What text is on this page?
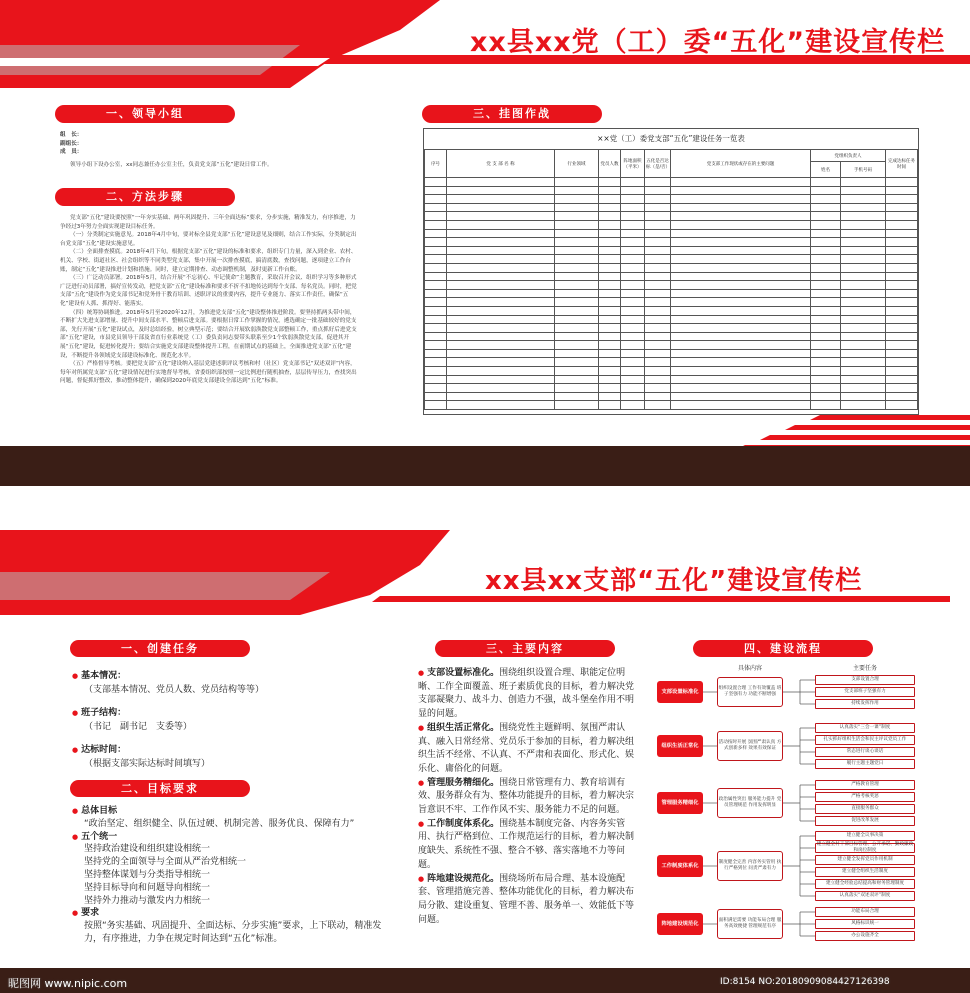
xx县xx党（工）委“五化”建设宣传栏
一、领导小组
组　长：
副组长：
成　员：
领导小组下设办公室，xx同志兼任办公室主任，负责党支部“五化”建设日常工作。
二、方法步骤

党支部“五化”建设要按照“一年夯实基础、两年巩固提升、三年全面达标”要求，分步实施，精准发力，有序推进，力争经过3年努力全面实现建设目标任务。

（一）分类制定实施意见。2018年4月中旬，要对标全县党支部“五化”建设意见及细则，结合工作实际，分类制定出台党支部“五化”建设实施意见。

（二）全面排查摸底。2018年4月下旬，根据党支部“五化”建设的标准和要求，组织专门力量，深入到企业、农村、机关、学校、街道社区、社会组织等不同类型党支部，集中开展一次排查摸底，搞清底数，查找问题，逐项建立工作台账，制定“五化”建设推进计划和措施。同时，建立定期排查、动态调整机制，及时更新工作台账。

（三）广泛动员部署。2018年5月，结合开展“不忘初心、牢记使命”主题教育，采取召开会议、组织学习等多种形式广泛进行动员部署，搞好宣传发动，把党支部“五化”建设标准和要求不折不扣地传达到每个支部、每名党员。同时，把党支部“五化”建设作为党支部书记和党务骨干教育培训、述职评议的重要内容，提升专业能力、落实工作责任，确保“五化”建设有人抓、抓得好、能落实。

（四）统筹协调推进。2018年5月至2020年12月，为推进党支部“五化”建设整体推进阶段。要坚持抓两头带中间，不断扩大先进支部增量、提升中间支部水平、整顿后进支部。要根据日常工作掌握的情况，遴选确定一批基础较好的党支部，先行开展“五化”建设试点，及时总结经验，树立典型示范；要结合开展软弱涣散党支部整顿工作，重点抓好后进党支部“五化”建设，市县党员领导干部及省直行业系统党（工）委负责同志要带头联系至少1个软弱涣散党支部，促进其开展“五化”建设，促进转化提升；要结合实施党支部建设整体提升工程，在前期试点的基础上，全面推进党支部“五化”建设，不断提升各领域党支部建设标准化、规范化水平。

（五）严格督导考核。要把党支部“五化”建设纳入基层党建述职评议考核和村（社区）党支部书记“双述双评”内容，每年对所属党支部“五化”建设情况进行实地督导考核，省委组织部按照一定比例进行随机抽查，层层传导压力，查找突出问题，督促抓好整改，推动整体提升，确保到2020年底党支部建设全部达到“五化”标准。

三、挂图作战
××党（工）委党支部“五化”建设任务一览表
序号	党 支 部 名 称	行业领域	党员人数	阵地面积（平米）	五化是否达标（是/否）	党支部工作现状或存在的主要问题	党组织负责人		完成达标任务时间
							姓名	手机号码	

xx县xx支部“五化”建设宣传栏
一、创建任务
● 基本情况：
（支部基本情况、党员人数、党员结构等等）
● 班子结构：
（书记　副书记　支委等）
● 达标时间：
（根据支部实际达标时间填写）
二、目标要求
● 总体目标
“政治坚定、组织健全、队伍过硬、机制完善、服务优良、保障有力”
● 五个统一
坚持政治建设和组织建设相统一
坚持党的全面领导与全面从严治党相统一
坚持整体谋划与分类指导相统一
坚持目标导向和问题导向相统一
坚持外力推动与激发内力相统一
● 要求
按照“务实基础、巩固提升、全面达标、分步实施”要求，上下联动，精准发力，有序推进，力争在规定时间达到“五化”标准。
三、主要内容

● 支部设置标准化。围绕组织设置合理、职能定位明晰、工作全面覆盖、班子素质优良的目标，着力解决党支部凝聚力、战斗力、创造力不强，战斗堡垒作用不明显的问题。

● 组织生活正常化。围绕党性主题鲜明、氛围严肃认真、融入日常经常、党员乐于参加的目标，着力解决组织生活不经常、不认真、不严肃和表面化、形式化、娱乐化、庸俗化的问题。

● 管理服务精细化。围绕日常管理有力、教育培训有效、服务群众有为、整体功能提升的目标，着力解决宗旨意识不牢、工作作风不实、服务能力不足的问题。

● 工作制度体系化。围绕基本制度完备、内容务实管用、执行严格到位、工作规范运行的目标，着力解决制度缺失、系统性不强、整合不够、落实落地不力等问题。

● 阵地建设规范化。围绕场所布局合理、基本设施配套、管理措施完善、整体功能优化的目标，着力解决布局分散、建设重复、管理不善、服务单一、效能低下等问题。

四、建设流程
具体内容	主要任务
支部设置标准化	组织设置合理 工作有效覆盖 班子坚强有力 功能不断增强
支部设置合理
党支部班子坚强有力
持续发挥作用
组织生活正常化	活动按时开展 氛围严肃认真 方式创新多样 效果有效保证
认真落实“三会一课”制度
扎实抓好组织生活会和民主评议党员工作
常态进行谈心谈话
履行主题主题党日
管理服务精细化	政治属性突出 服务能力提升 党员管理规范 作用发挥明显
严格教育管理
严格考核奖惩
直接服务群众
促进改革发展
工作制度体系化	制度健全完善 内容务实管用 执行严格到位 问责严肃有力
建立健全议事决策
建立健全村干部目标管理、公开承诺、勤政廉政和岗位制度
建立健全发挥党员作用机制
建立健全组织生活制度
建立健全经验总结提高和财务管理制度
认真落实“双述双评”制度
阵地建设规范化	面积满足需要 功能布局合理 服务高效便捷 管理规范有序
功能布局合理
风格标识统一
办公设施齐全
昵图网 www.nipic.com	ID:8154 NO:20180909084427126398
